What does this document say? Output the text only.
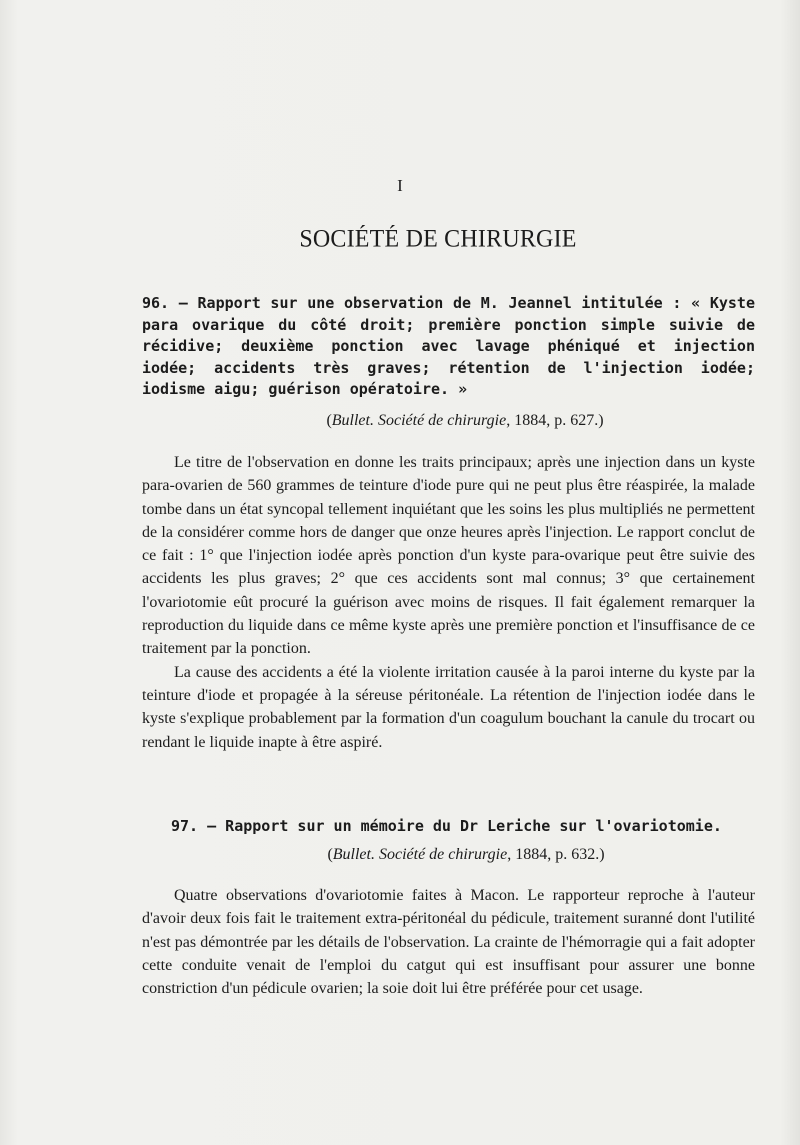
I
SOCIÉTÉ DE CHIRURGIE
96. — Rapport sur une observation de M. Jeannel intitulée : « Kyste para ovarique du côté droit; première ponction simple suivie de récidive; deuxième ponction avec lavage phéniqué et injection iodée; accidents très graves; rétention de l'injection iodée; iodisme aigu; guérison opératoire. »
(Bullet. Société de chirurgie, 1884, p. 627.)

Le titre de l'observation en donne les traits principaux; après une injection dans un kyste para-ovarien de 560 grammes de teinture d'iode pure qui ne peut plus être réaspirée, la malade tombe dans un état syncopal tellement inquiétant que les soins les plus multipliés ne permettent de la considérer comme hors de danger que onze heures après l'injection. Le rapport conclut de ce fait : 1° que l'injection iodée après ponction d'un kyste para-ovarique peut être suivie des accidents les plus graves; 2° que ces accidents sont mal connus; 3° que certainement l'ovariotomie eût procuré la guérison avec moins de risques. Il fait également remarquer la reproduction du liquide dans ce même kyste après une première ponction et l'insuffisance de ce traitement par la ponction.

La cause des accidents a été la violente irritation causée à la paroi interne du kyste par la teinture d'iode et propagée à la séreuse péritonéale. La rétention de l'injection iodée dans le kyste s'explique probablement par la formation d'un coagulum bouchant la canule du trocart ou rendant le liquide inapte à être aspiré.

97. — Rapport sur un mémoire du Dr Leriche sur l'ovariotomie.
(Bullet. Société de chirurgie, 1884, p. 632.)

Quatre observations d'ovariotomie faites à Macon. Le rapporteur reproche à l'auteur d'avoir deux fois fait le traitement extra-péritonéal du pédicule, traitement suranné dont l'utilité n'est pas démontrée par les détails de l'observation. La crainte de l'hémorragie qui a fait adopter cette conduite venait de l'emploi du catgut qui est insuffisant pour assurer une bonne constriction d'un pédicule ovarien; la soie doit lui être préférée pour cet usage.
